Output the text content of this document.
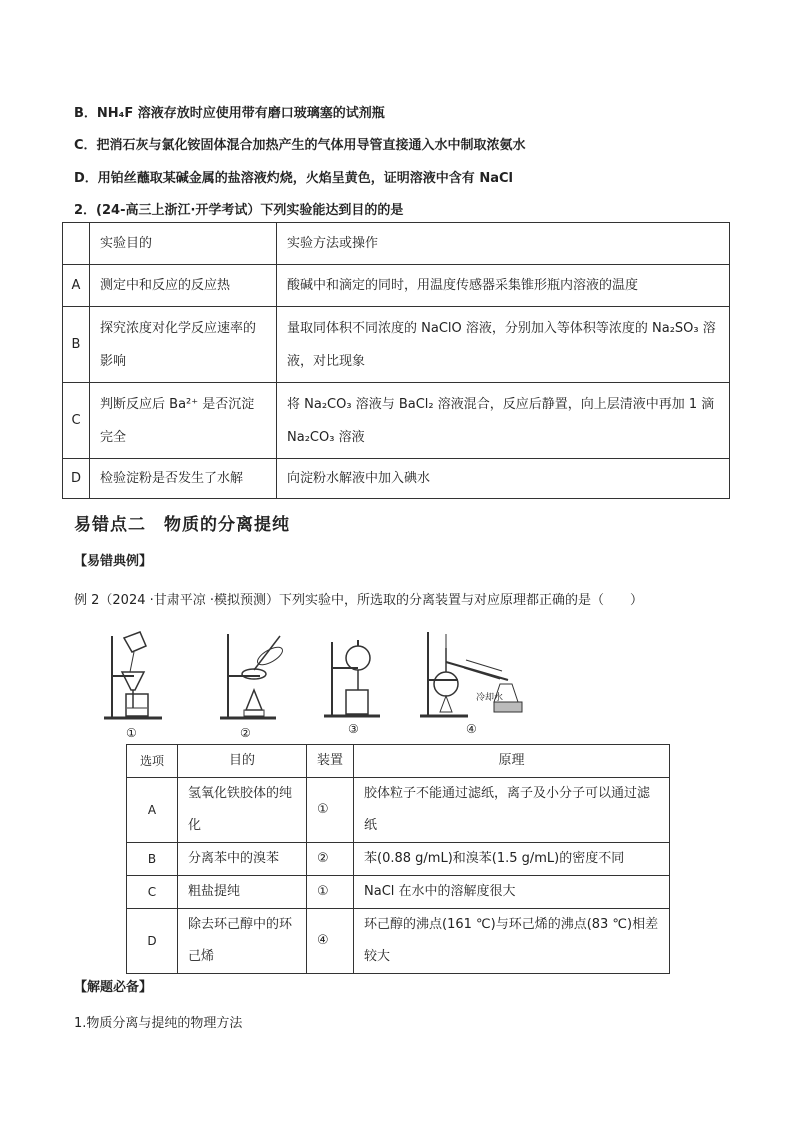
B．NH₄F 溶液存放时应使用带有磨口玻璃塞的试剂瓶
C．把消石灰与氯化铵固体混合加热产生的气体用导管直接通入水中制取浓氨水
D．用铂丝蘸取某碱金属的盐溶液灼烧，火焰呈黄色，证明溶液中含有 NaCl
2．(24-高三上浙江·开学考试）下列实验能达到目的的是
	实验目的	实验方法或操作
A	测定中和反应的反应热	酸碱中和滴定的同时，用温度传感器采集锥形瓶内溶液的温度
B	探究浓度对化学反应速率的影响	量取同体积不同浓度的 NaClO 溶液，分别加入等体积等浓度的 Na₂SO₃ 溶液，对比现象
C	判断反应后 Ba²⁺ 是否沉淀完全	将 Na₂CO₃ 溶液与 BaCl₂ 溶液混合，反应后静置，向上层清液中再加 1 滴 Na₂CO₃ 溶液
D	检验淀粉是否发生了水解	向淀粉水解液中加入碘水
易错点二　物质的分离提纯
【易错典例】
例 2（2024 ·甘肃平凉 ·模拟预测）下列实验中，所选取的分离装置与对应原理都正确的是（　　）
冷却水
①	②	③	④
选项	目的	装置	原理
A	氢氧化铁胶体的纯化	①	胶体粒子不能通过滤纸，离子及小分子可以通过滤纸
B	分离苯中的溴苯	②	苯(0.88 g/mL)和溴苯(1.5 g/mL)的密度不同
C	粗盐提纯	①	NaCl 在水中的溶解度很大
D	除去环己醇中的环己烯	④	环己醇的沸点(161 ℃)与环己烯的沸点(83 ℃)相差较大
【解题必备】
1.物质分离与提纯的物理方法
